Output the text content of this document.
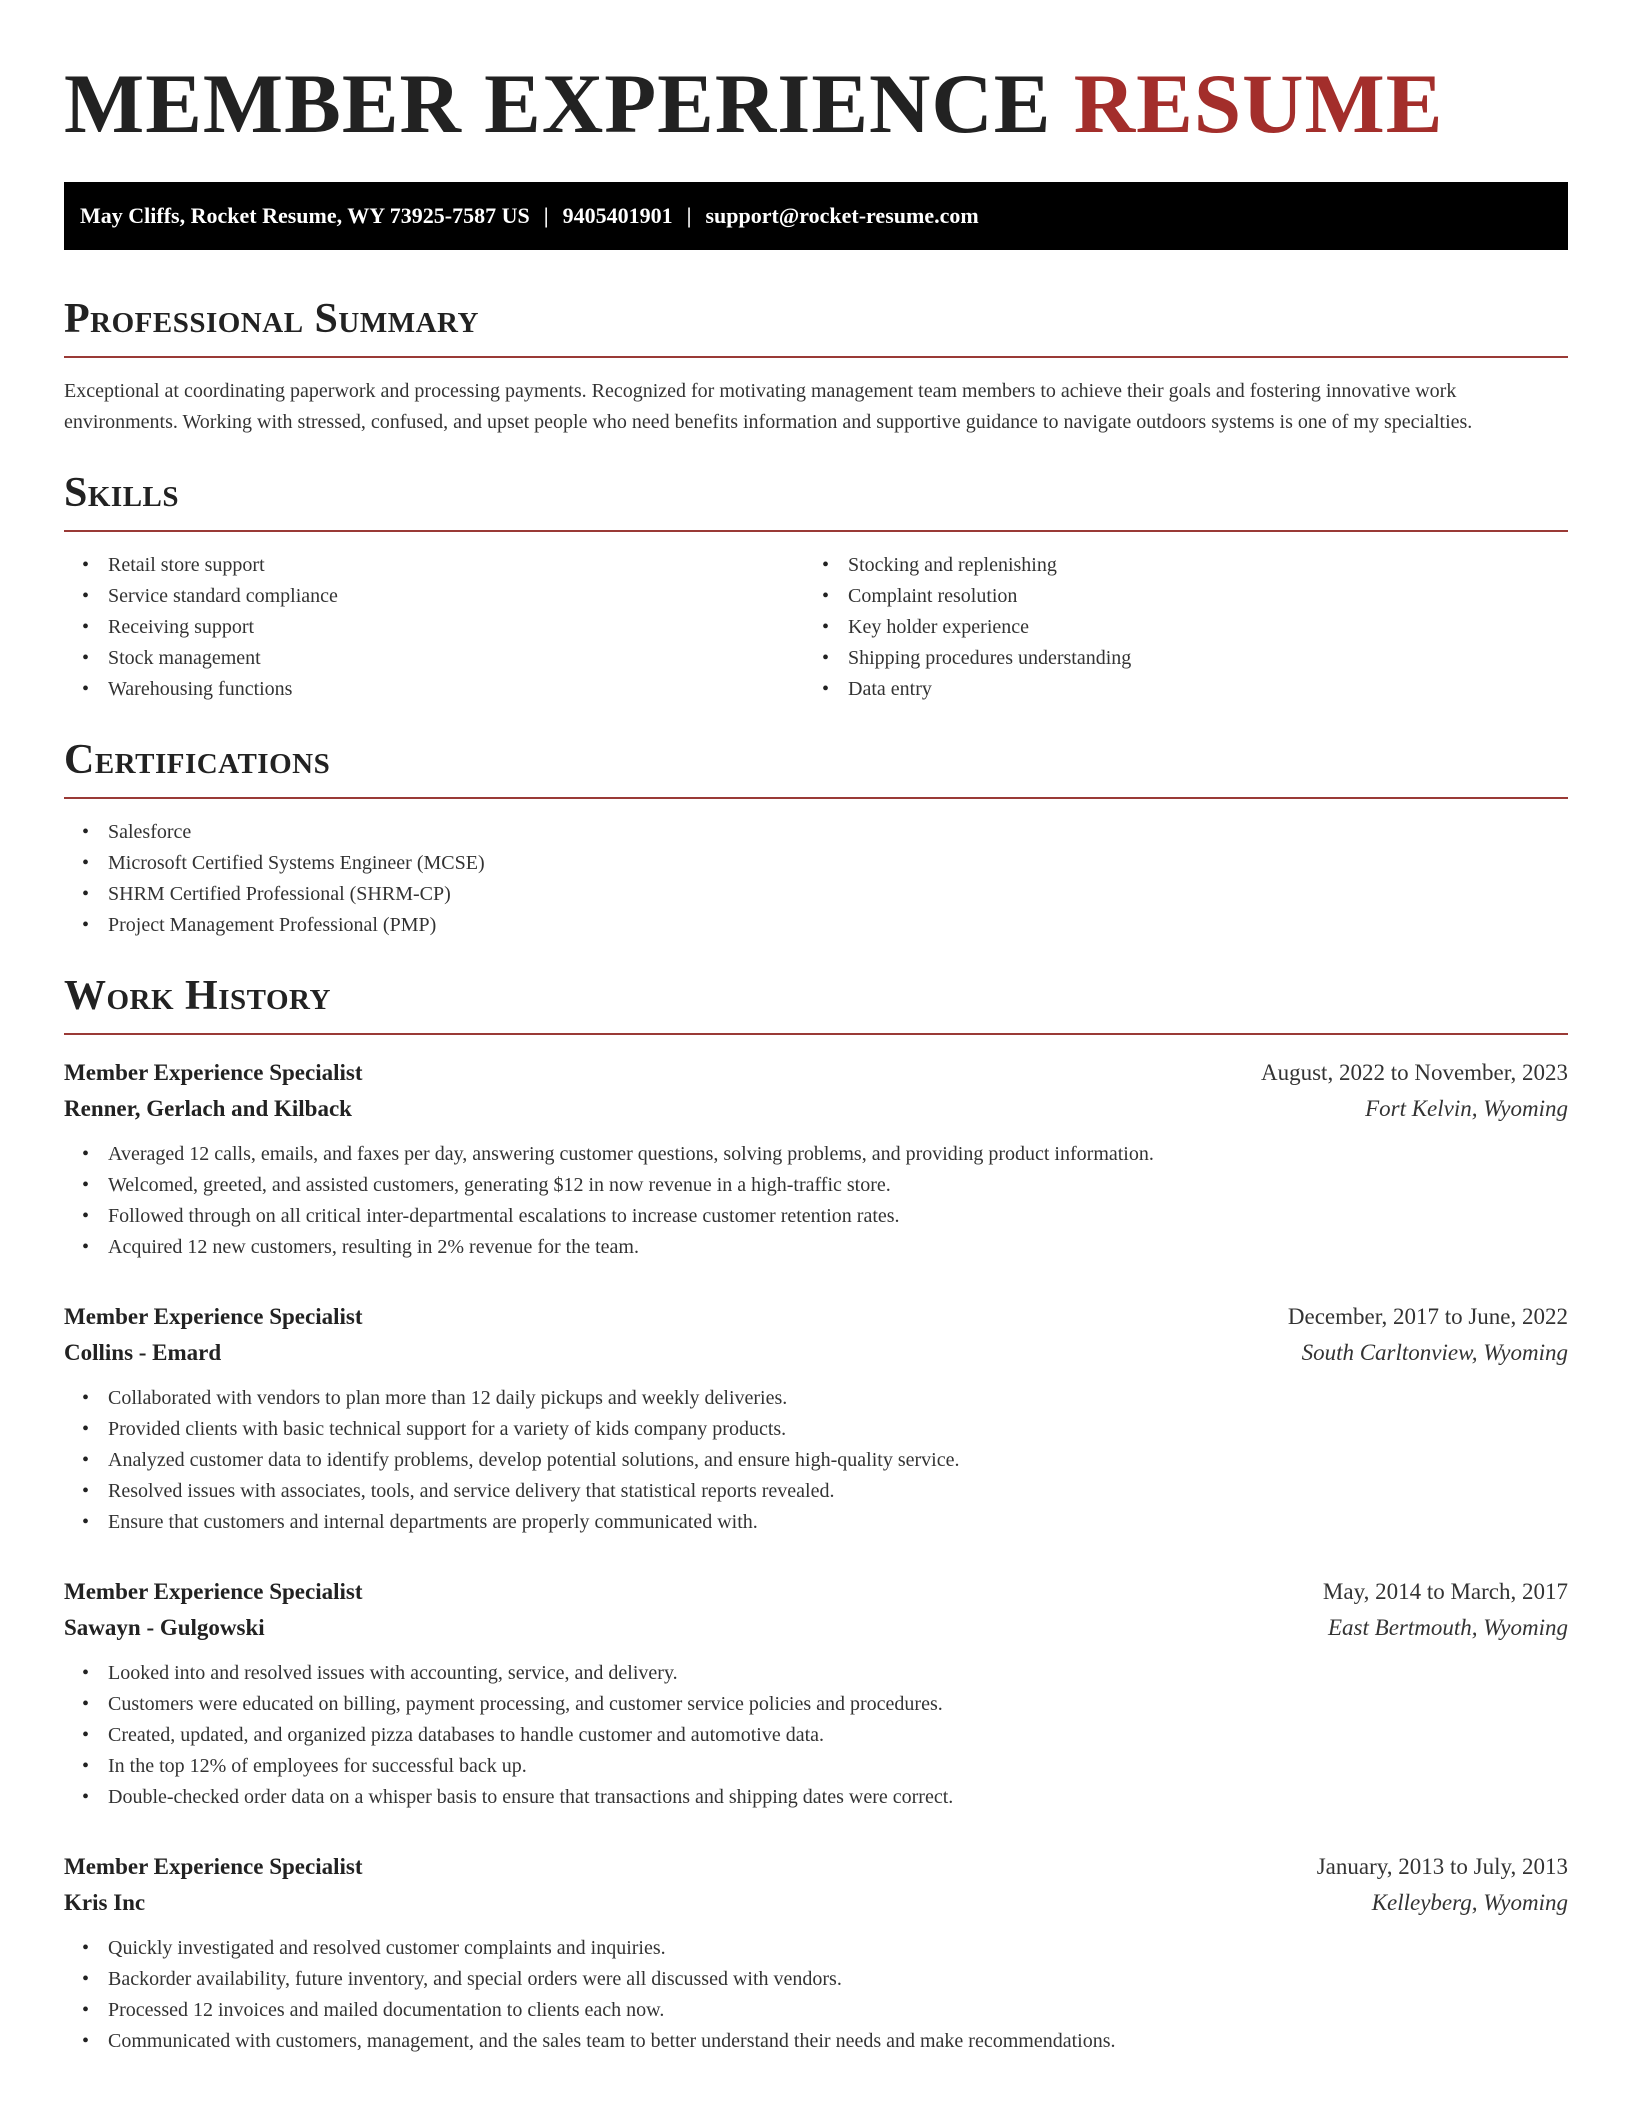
MEMBER EXPERIENCE RESUME
May Cliffs, Rocket Resume, WY 73925-7587 US | 9405401901 | support@rocket-resume.com
Professional Summary

Exceptional at coordinating paperwork and processing payments. Recognized for motivating management team members to achieve their goals and fostering innovative work environments. Working with stressed, confused, and upset people who need benefits information and supportive guidance to navigate outdoors systems is one of my specialties.

Skills
• Retail store support
• Service standard compliance
• Receiving support
• Stock management
• Warehousing functions
• Stocking and replenishing
• Complaint resolution
• Key holder experience
• Shipping procedures understanding
• Data entry
Certifications
• Salesforce
• Microsoft Certified Systems Engineer (MCSE)
• SHRM Certified Professional (SHRM-CP)
• Project Management Professional (PMP)
Work History
Member Experience Specialist	August, 2022 to November, 2023
Renner, Gerlach and Kilback	Fort Kelvin, Wyoming
• Averaged 12 calls, emails, and faxes per day, answering customer questions, solving problems, and providing product information.
• Welcomed, greeted, and assisted customers, generating $12 in now revenue in a high-traffic store.
• Followed through on all critical inter-departmental escalations to increase customer retention rates.
• Acquired 12 new customers, resulting in 2% revenue for the team.
Member Experience Specialist	December, 2017 to June, 2022
Collins - Emard	South Carltonview, Wyoming
• Collaborated with vendors to plan more than 12 daily pickups and weekly deliveries.
• Provided clients with basic technical support for a variety of kids company products.
• Analyzed customer data to identify problems, develop potential solutions, and ensure high-quality service.
• Resolved issues with associates, tools, and service delivery that statistical reports revealed.
• Ensure that customers and internal departments are properly communicated with.
Member Experience Specialist	May, 2014 to March, 2017
Sawayn - Gulgowski	East Bertmouth, Wyoming
• Looked into and resolved issues with accounting, service, and delivery.
• Customers were educated on billing, payment processing, and customer service policies and procedures.
• Created, updated, and organized pizza databases to handle customer and automotive data.
• In the top 12% of employees for successful back up.
• Double-checked order data on a whisper basis to ensure that transactions and shipping dates were correct.
Member Experience Specialist	January, 2013 to July, 2013
Kris Inc	Kelleyberg, Wyoming
• Quickly investigated and resolved customer complaints and inquiries.
• Backorder availability, future inventory, and special orders were all discussed with vendors.
• Processed 12 invoices and mailed documentation to clients each now.
• Communicated with customers, management, and the sales team to better understand their needs and make recommendations.
